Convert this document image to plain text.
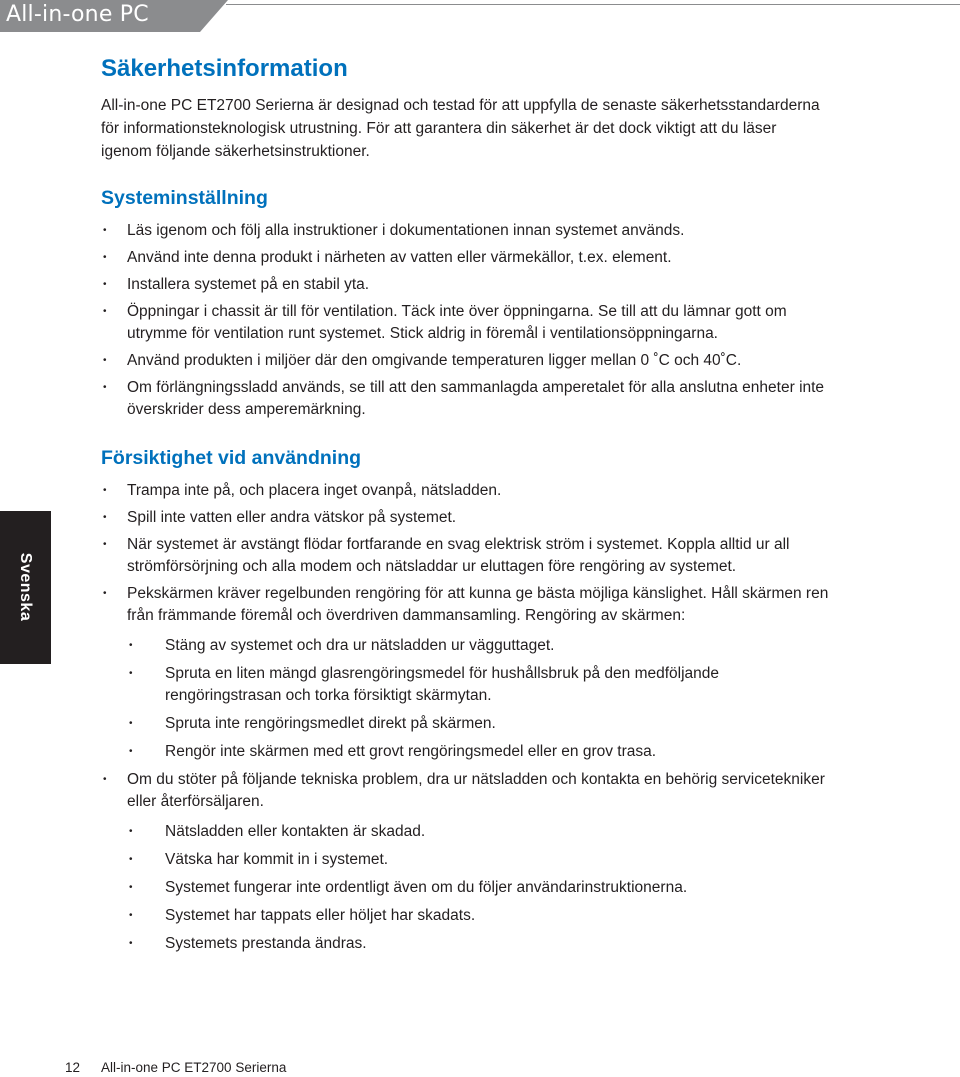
All-in-one PC
Svenska
Säkerhetsinformation

All-in-one PC ET2700 Serierna är designad och testad för att uppfylla de senaste säkerhetsstandarderna för informationsteknologisk utrustning. För att garantera din säkerhet är det dock viktigt att du läser igenom följande säkerhetsinstruktioner.

Systeminställning
• Läs igenom och följ alla instruktioner i dokumentationen innan systemet används.
• Använd inte denna produkt i närheten av vatten eller värmekällor, t.ex. element.
• Installera systemet på en stabil yta.
• Öppningar i chassit är till för ventilation. Täck inte över öppningarna. Se till att du lämnar gott om utrymme för ventilation runt systemet. Stick aldrig in föremål i ventilationsöppningarna.
• Använd produkten i miljöer där den omgivande temperaturen ligger mellan 0 ˚C och 40˚C.
• Om förlängningssladd används, se till att den sammanlagda amperetalet för alla anslutna enheter inte överskrider dess amperemärkning.
Försiktighet vid användning
• Trampa inte på, och placera inget ovanpå, nätsladden.
• Spill inte vatten eller andra vätskor på systemet.
• När systemet är avstängt flödar fortfarande en svag elektrisk ström i systemet. Koppla alltid ur all strömförsörjning och alla modem och nätsladdar ur eluttagen före rengöring av systemet.
• Pekskärmen kräver regelbunden rengöring för att kunna ge bästa möjliga känslighet. Håll skärmen ren från främmande föremål och överdriven dammansamling. Rengöring av skärmen:
• Stäng av systemet och dra ur nätsladden ur vägguttaget.
• Spruta en liten mängd glasrengöringsmedel för hushållsbruk på den medföljande rengöringstrasan och torka försiktigt skärmytan.
• Spruta inte rengöringsmedlet direkt på skärmen.
• Rengör inte skärmen med ett grovt rengöringsmedel eller en grov trasa.
• Om du stöter på följande tekniska problem, dra ur nätsladden och kontakta en behörig servicetekniker eller återförsäljaren.
• Nätsladden eller kontakten är skadad.
• Vätska har kommit in i systemet.
• Systemet fungerar inte ordentligt även om du följer användarinstruktionerna.
• Systemet har tappats eller höljet har skadats.
• Systemets prestanda ändras.
12 All-in-one PC ET2700 Serierna
